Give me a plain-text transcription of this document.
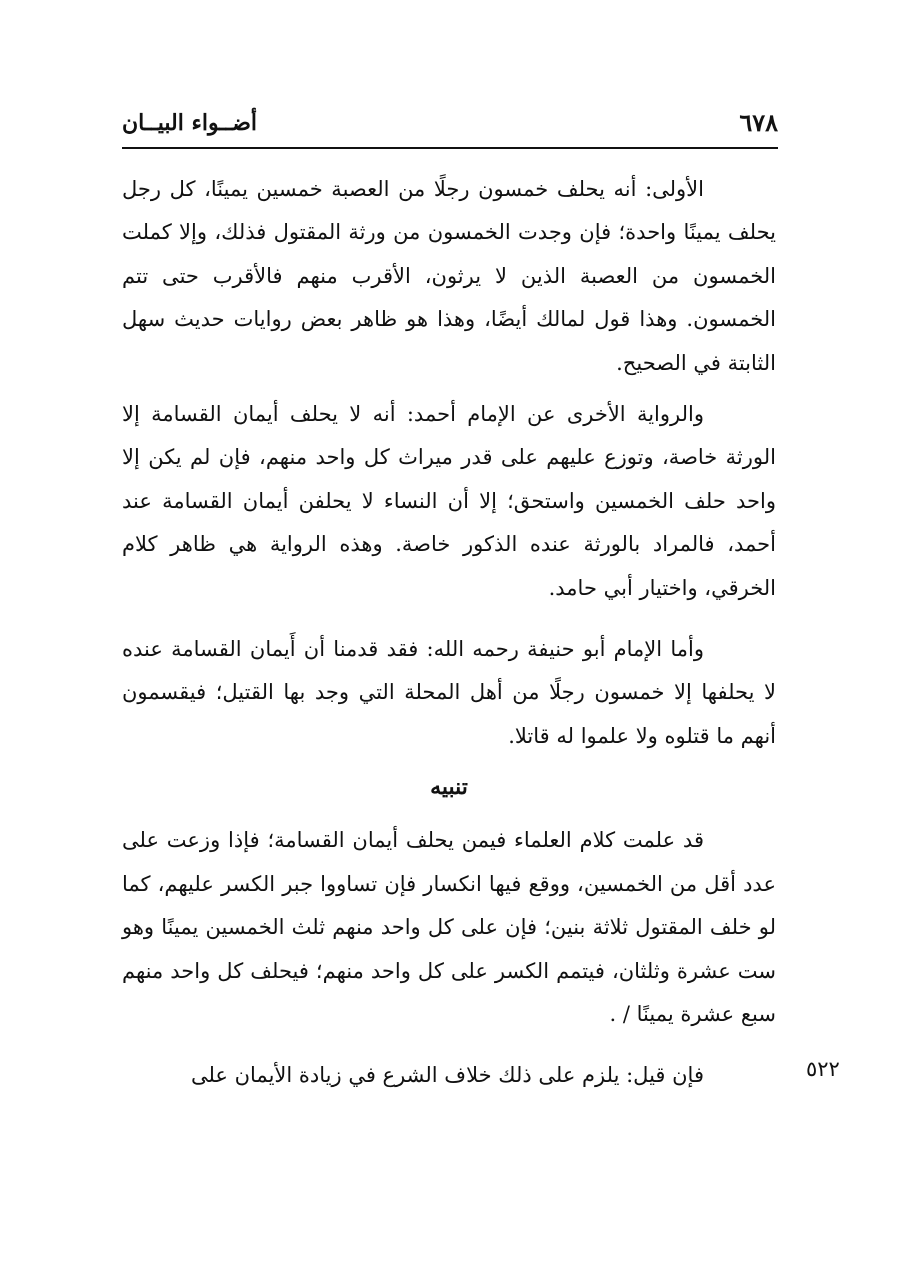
٦٧٨
أضــواء البيــان

الأولى: أنه يحلف خمسون رجلًا من العصبة خمسين يمينًا، كل رجل يحلف يمينًا واحدة؛ فإن وجدت الخمسون من ورثة المقتول فذلك، وإلا كملت الخمسون من العصبة الذين لا يرثون، الأقرب منهم فالأقرب حتى تتم الخمسون. وهذا قول لمالك أيضًا، وهذا هو ظاهر بعض روايات حديث سهل الثابتة في الصحيح.

والرواية الأخرى عن الإمام أحمد: أنه لا يحلف أيمان القسامة إلا الورثة خاصة، وتوزع عليهم على قدر ميراث كل واحد منهم، فإن لم يكن إلا واحد حلف الخمسين واستحق؛ إلا أن النساء لا يحلفن أيمان القسامة عند أحمد، فالمراد بالورثة عنده الذكور خاصة. وهذه الرواية هي ظاهر كلام الخرقي، واختيار أبي حامد.

وأما الإمام أبو حنيفة رحمه الله: فقد قدمنا أن أَيمان القسامة عنده لا يحلفها إلا خمسون رجلًا من أهل المحلة التي وجد بها القتيل؛ فيقسمون أنهم ما قتلوه ولا علموا له قاتلا.

تنبيه

قد علمت كلام العلماء فيمن يحلف أيمان القسامة؛ فإذا وزعت على عدد أقل من الخمسين، ووقع فيها انكسار فإن تساووا جبر الكسر عليهم، كما لو خلف المقتول ثلاثة بنين؛ فإن على كل واحد منهم ثلث الخمسين يمينًا وهو ست عشرة وثلثان، فيتمم الكسر على كل واحد منهم؛ فيحلف كل واحد منهم سبع عشرة يمينًا / .

فإن قيل: يلزم على ذلك خلاف الشرع في زيادة الأيمان على	٥٢٢
